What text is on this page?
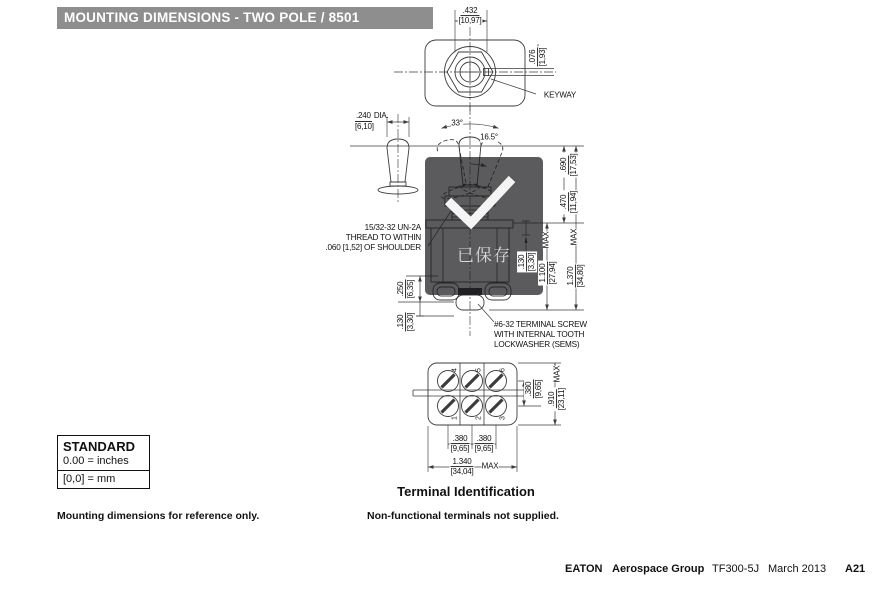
MOUNTING DIMENSIONS - TWO POLE / 8501
4 5 6
1 2 3
.432
[10,97]
.076 [1,93]
KEYWAY
.240 DIA.
[6,10]	33°
16.5°
15/32-32 UN-2A
THREAD TO WITHIN
.060 [1,52] OF SHOULDER
.690 [17,53]
.470 [11,94]
.130 [3,30]
MAX
1.100 [27,94]
MAX
1.370 [34,80]
.250 [6,35]
.130 [3,30]	#6-32 TERMINAL SCREW
WITH INTERNAL TOOTH
LOCKWASHER (SEMS)
.380
[9,65]
.380
[9,65]
.380 [9,65]
MAX
.910 [23,11]
1.340
[34,04]
MAX
Terminal Identification
STANDARD
0.00 = inches
[0,0] = mm
Mounting dimensions for reference only.	Non-functional terminals not supplied.
EATON Aerospace Group TF300-5J March 2013 A21
已保存
